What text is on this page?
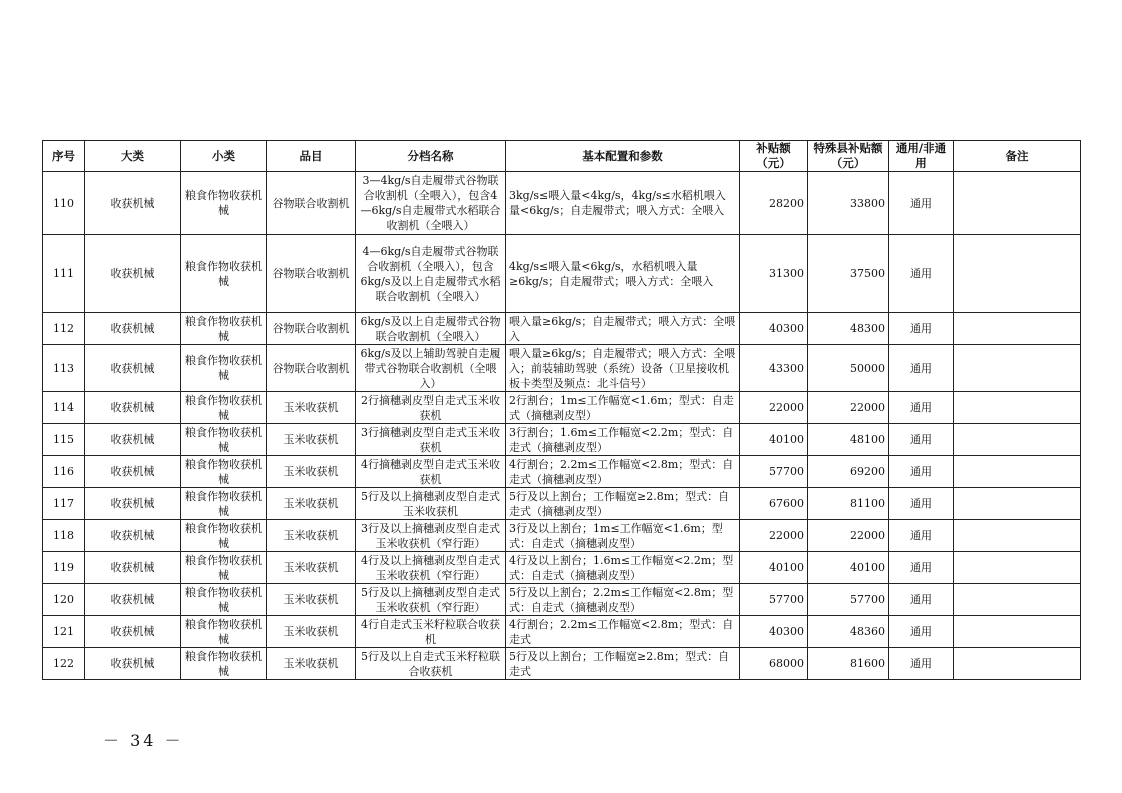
序号	大类	小类	品目	分档名称	基本配置和参数	补贴额（元）	特殊县补贴额（元）	通用/非通用	备注
110	收获机械	粮食作物收获机械	谷物联合收割机	3—4kg/s自走履带式谷物联合收割机（全喂入），包含4—6kg/s自走履带式水稻联合收割机（全喂入）	3kg/s≤喂入量<4kg/s，4kg/s≤水稻机喂入量<6kg/s；自走履带式；喂入方式：全喂入	28200	33800	通用	
111	收获机械	粮食作物收获机械	谷物联合收割机	4—6kg/s自走履带式谷物联合收割机（全喂入），包含6kg/s及以上自走履带式水稻联合收割机（全喂入）	4kg/s≤喂入量<6kg/s，水稻机喂入量≥6kg/s；自走履带式；喂入方式：全喂入	31300	37500	通用	
112	收获机械	粮食作物收获机械	谷物联合收割机	6kg/s及以上自走履带式谷物联合收割机（全喂入）	喂入量≥6kg/s；自走履带式；喂入方式：全喂入	40300	48300	通用	
113	收获机械	粮食作物收获机械	谷物联合收割机	6kg/s及以上辅助驾驶自走履带式谷物联合收割机（全喂入）	喂入量≥6kg/s；自走履带式；喂入方式：全喂入；前装辅助驾驶（系统）设备（卫星接收机板卡类型及频点：北斗信号）	43300	50000	通用	
114	收获机械	粮食作物收获机械	玉米收获机	2行摘穗剥皮型自走式玉米收获机	2行割台；1m≤工作幅宽<1.6m；型式：自走式（摘穗剥皮型）	22000	22000	通用	
115	收获机械	粮食作物收获机械	玉米收获机	3行摘穗剥皮型自走式玉米收获机	3行割台；1.6m≤工作幅宽<2.2m；型式：自走式（摘穗剥皮型）	40100	48100	通用	
116	收获机械	粮食作物收获机械	玉米收获机	4行摘穗剥皮型自走式玉米收获机	4行割台；2.2m≤工作幅宽<2.8m；型式：自走式（摘穗剥皮型）	57700	69200	通用	
117	收获机械	粮食作物收获机械	玉米收获机	5行及以上摘穗剥皮型自走式玉米收获机	5行及以上割台；工作幅宽≥2.8m；型式：自走式（摘穗剥皮型）	67600	81100	通用	
118	收获机械	粮食作物收获机械	玉米收获机	3行及以上摘穗剥皮型自走式玉米收获机（窄行距）	3行及以上割台；1m≤工作幅宽<1.6m；型式：自走式（摘穗剥皮型）	22000	22000	通用	
119	收获机械	粮食作物收获机械	玉米收获机	4行及以上摘穗剥皮型自走式玉米收获机（窄行距）	4行及以上割台；1.6m≤工作幅宽<2.2m；型式：自走式（摘穗剥皮型）	40100	40100	通用	
120	收获机械	粮食作物收获机械	玉米收获机	5行及以上摘穗剥皮型自走式玉米收获机（窄行距）	5行及以上割台；2.2m≤工作幅宽<2.8m；型式：自走式（摘穗剥皮型）	57700	57700	通用	
121	收获机械	粮食作物收获机械	玉米收获机	4行自走式玉米籽粒联合收获机	4行割台；2.2m≤工作幅宽<2.8m；型式：自走式	40300	48360	通用	
122	收获机械	粮食作物收获机械	玉米收获机	5行及以上自走式玉米籽粒联合收获机	5行及以上割台；工作幅宽≥2.8m；型式：自走式	68000	81600	通用	
－ 34 －
